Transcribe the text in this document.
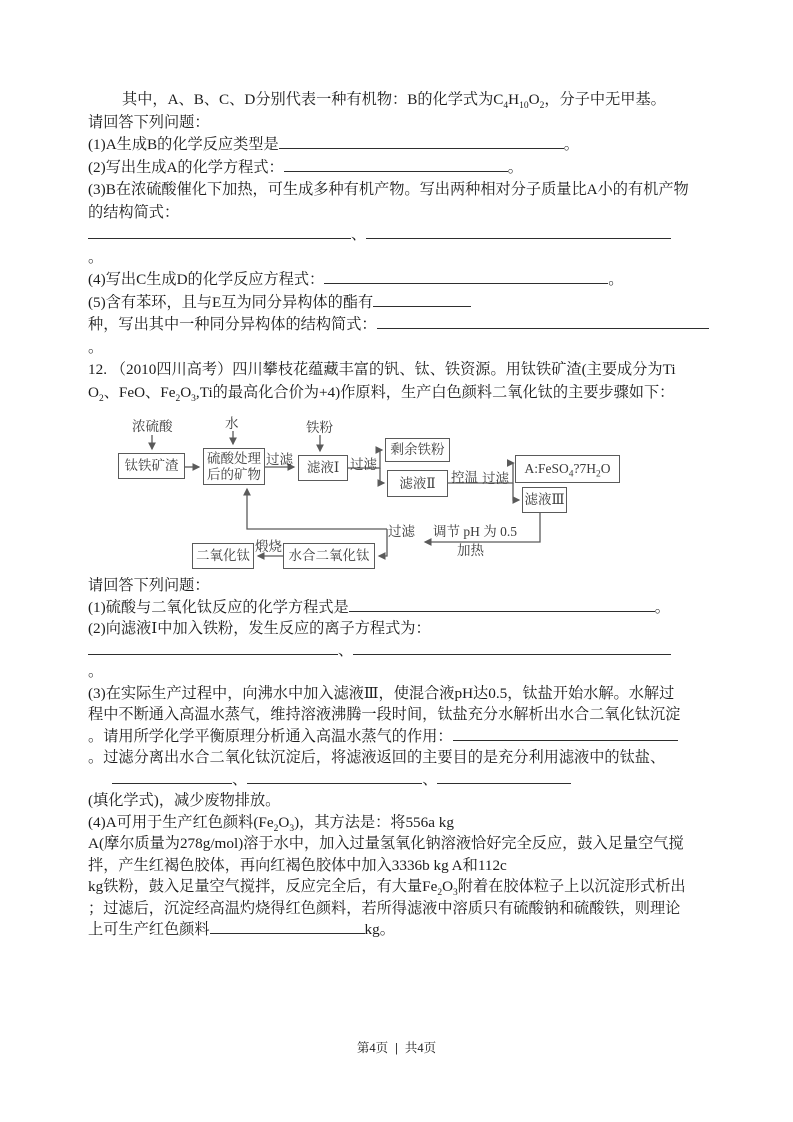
其中，A、B、C、D分别代表一种有机物：B的化学式为$C_4H_{10}O_2$，分子中无甲基。
请回答下列问题：
(1)A生成B的化学反应类型是	。
(2)写出生成A的化学方程式：	。
(3)B在浓硫酸催化下加热，可生成多种有机产物。写出两种相对分子质量比A小的有机产物
的结构简式：
、
。
(4)写出C生成D的化学反应方程式：	。
(5)含有苯环，且与E互为同分异构体的酯有
种，写出其中一种同分异构体的结构简式：
。
12. （2010四川高考）四川攀枝花蕴藏丰富的钒、钛、铁资源。用钛铁矿渣(主要成分为Ti
$O_2$、FeO、$Fe_2O_3,Ti$的最高化合价为+4)作原料，生产白色颜料二氧化钛的主要步骤如下：
钛铁矿渣 硫酸处理
后的矿物	滤液Ⅰ
剩余铁粉
滤液Ⅱ
$A:FeSO_4?7H_2O$
滤液Ⅲ
二氧化钛	水合二氧化钛
浓硫酸	水	铁粉
过滤	过滤
控温 过滤
过滤 调节 pH 为 0.5
加热
煅烧
请回答下列问题：
(1)硫酸与二氧化钛反应的化学方程式是	。
(2)向滤液Ⅰ中加入铁粉，发生反应的离子方程式为：
、
。
(3)在实际生产过程中，向沸水中加入滤液Ⅲ，使混合液pH达0.5，钛盐开始水解。水解过
程中不断通入高温水蒸气，维持溶液沸腾一段时间，钛盐充分水解析出水合二氧化钛沉淀
。请用所学化学平衡原理分析通入高温水蒸气的作用：
。过滤分离出水合二氧化钛沉淀后，将滤液返回的主要目的是充分利用滤液中的钛盐、
、	、
(填化学式)，减少废物排放。
(4)A可用于生产红色颜料$(Fe_2O_3)$，其方法是：将556a kg
A(摩尔质量为278g/mol)溶于水中，加入过量氢氧化钠溶液恰好完全反应，鼓入足量空气搅
拌，产生红褐色胶体，再向红褐色胶体中加入3336b kg A和112c
kg铁粉，鼓入足量空气搅拌，反应完全后，有大量$Fe_2O_3$附着在胶体粒子上以沉淀形式析出
；过滤后，沉淀经高温灼烧得红色颜料，若所得滤液中溶质只有硫酸钠和硫酸铁，则理论
上可生产红色颜料	kg。
第4页 | 共4页
